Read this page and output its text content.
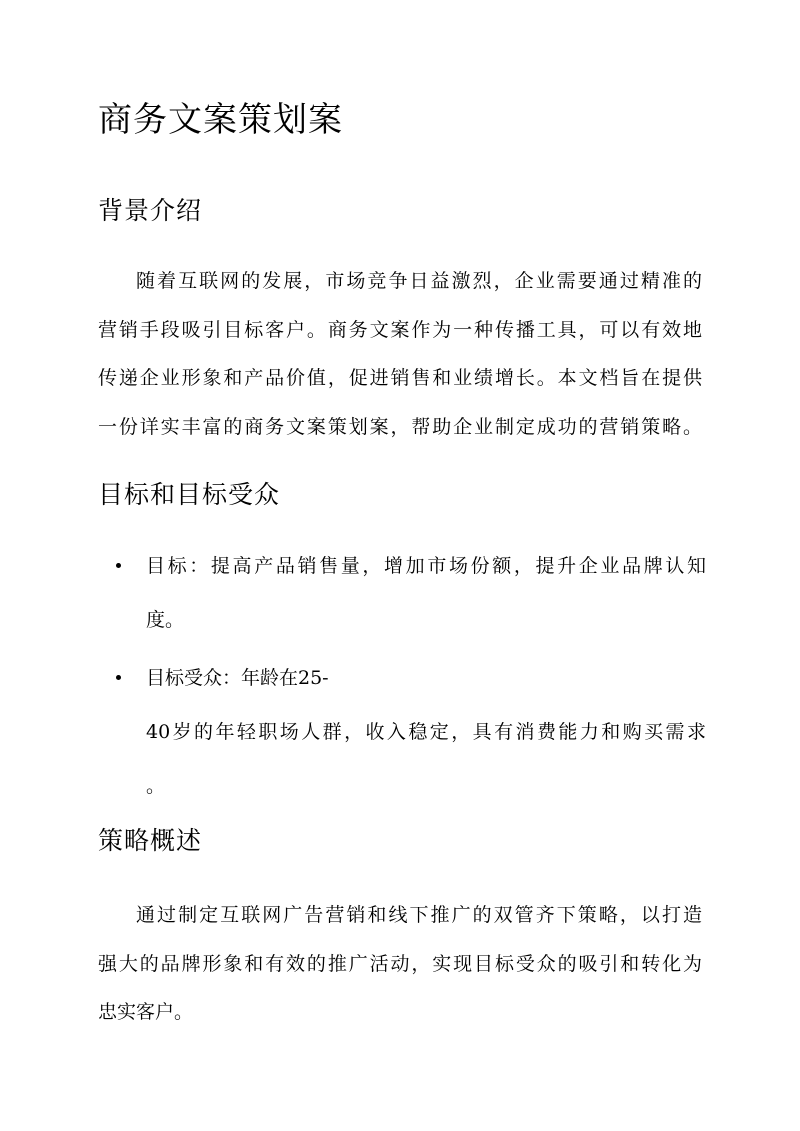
商务文案策划案
背景介绍
随着互联网的发展，市场竞争日益激烈，企业需要通过精准的
营销手段吸引目标客户。商务文案作为一种传播工具，可以有效地
传递企业形象和产品价值，促进销售和业绩增长。本文档旨在提供
一份详实丰富的商务文案策划案，帮助企业制定成功的营销策略。
目标和目标受众
目标：提高产品销售量，增加市场份额，提升企业品牌认知
度。
目标受众：年龄在25-
40岁的年轻职场人群，收入稳定，具有消费能力和购买需求
。
策略概述
通过制定互联网广告营销和线下推广的双管齐下策略，以打造
强大的品牌形象和有效的推广活动，实现目标受众的吸引和转化为
忠实客户。
